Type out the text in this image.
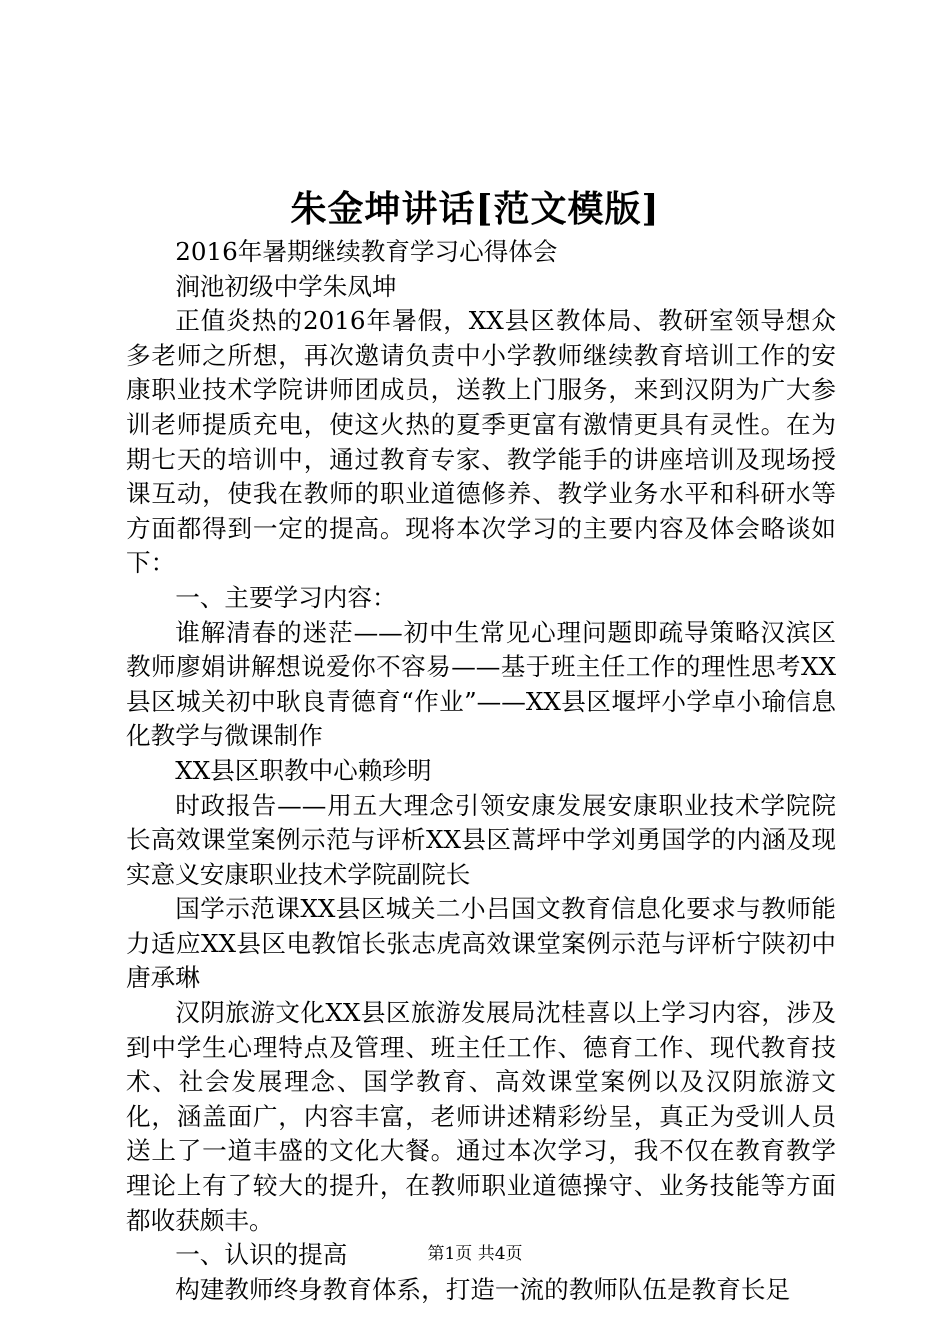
朱金坤讲话[范文模版]

2016年暑期继续教育学习心得体会

涧池初级中学朱凤坤

正值炎热的2016年暑假，XX县区教体局、教研室领导想众多老师之所想，再次邀请负责中小学教师继续教育培训工作的安康职业技术学院讲师团成员，送教上门服务，来到汉阴为广大参训老师提质充电，使这火热的夏季更富有激情更具有灵性。在为期七天的培训中，通过教育专家、教学能手的讲座培训及现场授课互动，使我在教师的职业道德修养、教学业务水平和科研水等方面都得到一定的提高。现将本次学习的主要内容及体会略谈如下：

一、主要学习内容：

谁解清春的迷茫——初中生常见心理问题即疏导策略汉滨区教师廖娟讲解想说爱你不容易——基于班主任工作的理性思考XX县区城关初中耿良青德育“作业”——XX县区堰坪小学卓小瑜信息化教学与微课制作

XX县区职教中心赖珍明

时政报告——用五大理念引领安康发展安康职业技术学院院长高效课堂案例示范与评析XX县区蒿坪中学刘勇国学的内涵及现实意义安康职业技术学院副院长

国学示范课XX县区城关二小吕国文教育信息化要求与教师能力适应XX县区电教馆长张志虎高效课堂案例示范与评析宁陕初中唐承琳

汉阴旅游文化XX县区旅游发展局沈桂喜以上学习内容，涉及到中学生心理特点及管理、班主任工作、德育工作、现代教育技术、社会发展理念、国学教育、高效课堂案例以及汉阴旅游文化，涵盖面广，内容丰富，老师讲述精彩纷呈，真正为受训人员送上了一道丰盛的文化大餐。通过本次学习，我不仅在教育教学理论上有了较大的提升，在教师职业道德操守、业务技能等方面都收获颇丰。

一、认识的提高

构建教师终身教育体系，打造一流的教师队伍是教育长足

第1页 共4页
